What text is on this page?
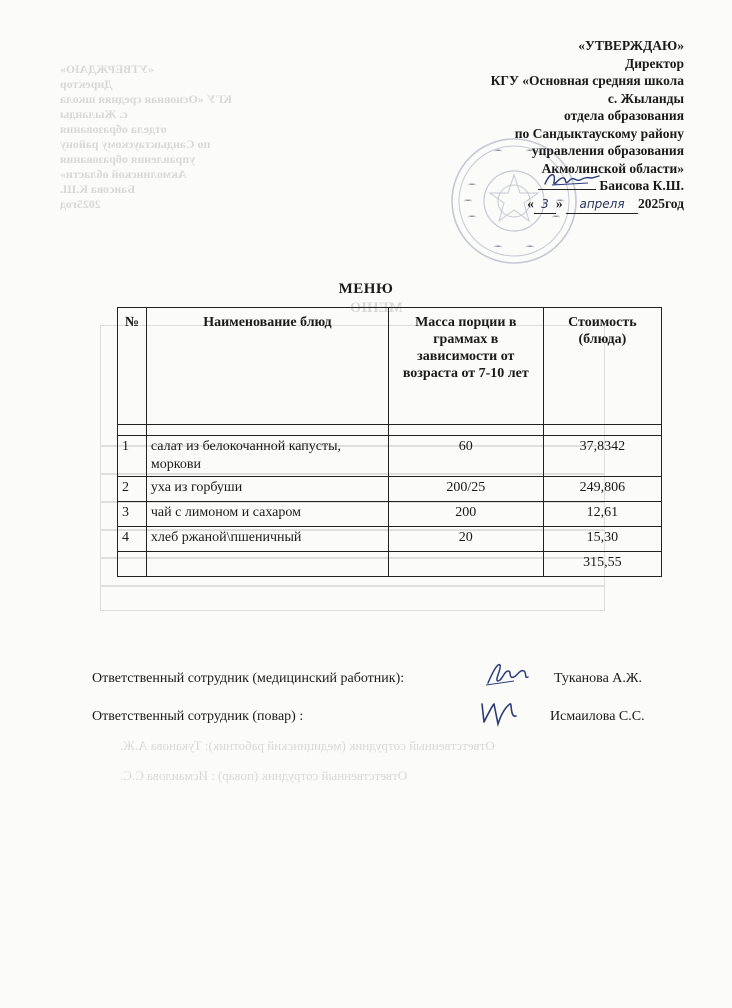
«УТВЕРЖДАЮ»
Директор
КГУ «Основная средняя школа
с. Жыланды
отдела образования
по Сандыктаускому району
управления образования
Акмолинской области»
Баисова К.Ш.
2025год
МЕНЮ
Ответственный сотрудник (медицинский работник): Туканова А.Ж.
Ответственный сотрудник (повар) : Исмаилова С.С.
«УТВЕРЖДАЮ»
Директор
КГУ «Основная средняя школа
с. Жыланды
отдела образования
по Сандыктаускому району
управления образования
Акмолинской области»
Баисова К.Ш.
« 3 » апреля 2025год
МЕНЮ
№	Наименование блюд	Масса порции в граммах в зависимости от возраста от 7-10 лет	Стоимость (блюда)

1	салат из белокочанной капусты, моркови	60	37,8342
2	уха из горбуши	200/25	249,806
3	чай с лимоном и сахаром	200	12,61
4	хлеб ржаной\пшеничный	20	15,30
			315,55
Ответственный сотрудник (медицинский работник):	Туканова А.Ж.
Ответственный сотрудник (повар) :	Исмаилова С.С.
